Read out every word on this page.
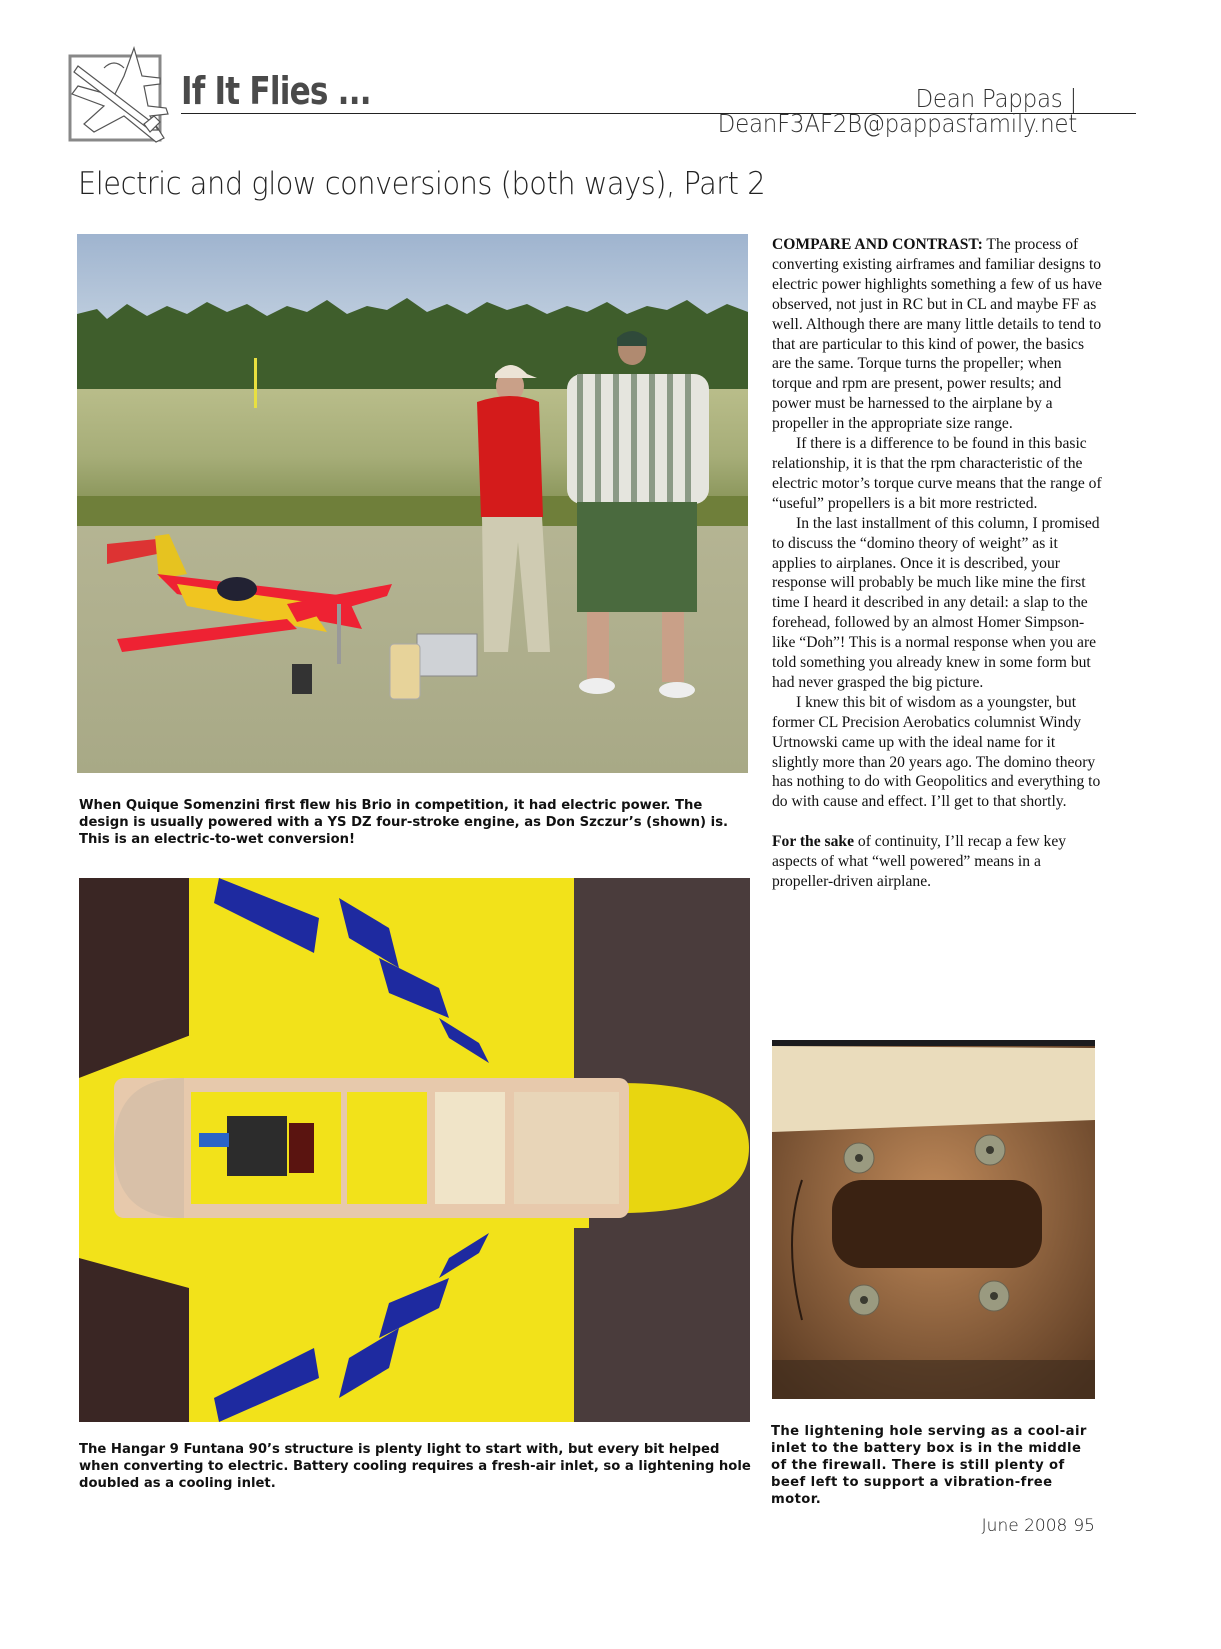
If It Flies ...	Dean Pappas | DeanF3AF2B@pappasfamily.net
Electric and glow conversions (both ways), Part 2
When Quique Somenzini first flew his Brio in competition, it had electric power. The design is usually powered with a YS DZ four-stroke engine, as Don Szczur’s (shown) is. This is an electric-to-wet conversion!
The Hangar 9 Funtana 90’s structure is plenty light to start with, but every bit helped when converting to electric. Battery cooling requires a fresh-air inlet, so a lightening hole doubled as a cooling inlet.

COMPARE AND CONTRAST: The process of converting existing airframes and familiar designs to electric power highlights something a few of us have observed, not just in RC but in CL and maybe FF as well. Although there are many little details to tend to that are particular to this kind of power, the basics are the same. Torque turns the propeller; when torque and rpm are present, power results; and power must be harnessed to the airplane by a propeller in the appropriate size range.

If there is a difference to be found in this basic relationship, it is that the rpm characteristic of the electric motor’s torque curve means that the range of “useful” propellers is a bit more restricted.

In the last installment of this column, I promised to discuss the “domino theory of weight” as it applies to airplanes. Once it is described, your response will probably be much like mine the first time I heard it described in any detail: a slap to the forehead, followed by an almost Homer Simpson-like “Doh”! This is a normal response when you are told something you already knew in some form but had never grasped the big picture.

I knew this bit of wisdom as a youngster, but former CL Precision Aerobatics columnist Windy Urtnowski came up with the ideal name for it slightly more than 20 years ago. The domino theory has nothing to do with Geopolitics and everything to do with cause and effect. I’ll get to that shortly.

For the sake of continuity, I’ll recap a few key aspects of what “well powered” means in a propeller-driven airplane.

The lightening hole serving as a cool-air inlet to the battery box is in the middle of the firewall. There is still plenty of beef left to support a vibration-free motor.
June 2008 95
